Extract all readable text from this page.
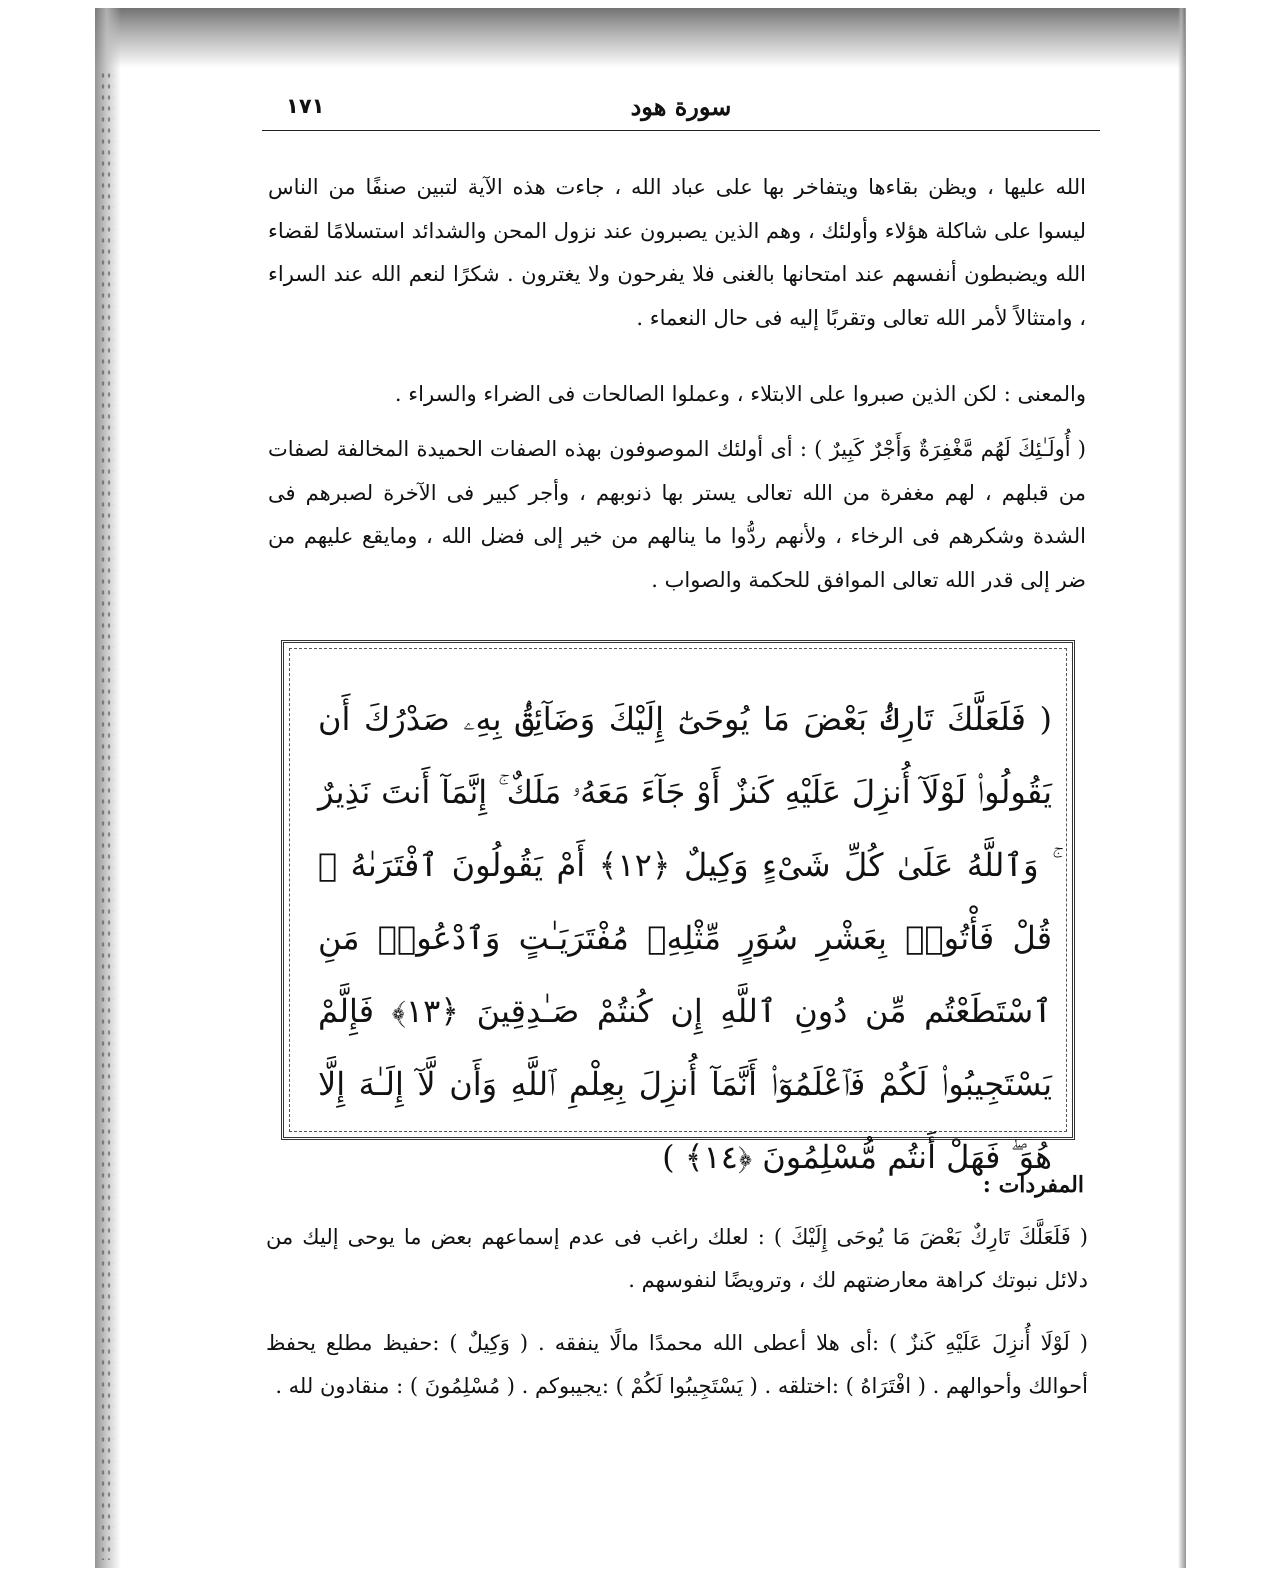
١٧١	سورة هود

الله عليها ، ويظن بقاءها ويتفاخر بها على عباد الله ، جاءت هذه الآية لتبين صنفًا من الناس ليسوا على شاكلة هؤلاء وأولئك ، وهم الذين يصبرون عند نزول المحن والشدائد استسلامًا لقضاء الله ويضبطون أنفسهم عند امتحانها بالغنى فلا يفرحون ولا يغترون . شكرًا لنعم الله عند السراء ، وامتثالاً لأمر الله تعالى وتقربًا إليه فى حال النعماء .

والمعنى : لكن الذين صبروا على الابتلاء ، وعملوا الصالحات فى الضراء والسراء .

( أُولَـٰئِكَ لَهُم مَّغْفِرَةٌ وَأَجْرٌ كَبِيرٌ ) : أى أولئك الموصوفون بهذه الصفات الحميدة المخالفة لصفات من قبلهم ، لهم مغفرة من الله تعالى يستر بها ذنوبهم ، وأجر كبير فى الآخرة لصبرهم فى الشدة وشكرهم فى الرخاء ، ولأنهم ردُّوا ما ينالهم من خير إلى فضل الله ، ومايقع عليهم من ضر إلى قدر الله تعالى الموافق للحكمة والصواب .

( فَلَعَلَّكَ تَارِكُۢ بَعْضَ مَا يُوحَىٰٓ إِلَيْكَ وَضَآئِقُۢ بِهِۦ صَدْرُكَ أَن يَقُولُوا۟ لَوْلَآ أُنزِلَ عَلَيْهِ كَنزٌ أَوْ جَآءَ مَعَهُۥ مَلَكٌ ۚ إِنَّمَآ أَنتَ نَذِيرٌ ۚ وَٱللَّهُ عَلَىٰ كُلِّ شَىْءٍ وَكِيلٌ ﴿١٢﴾ أَمْ يَقُولُونَ ٱفْتَرَىٰهُ ۖ قُلْ فَأْتُوا۟ بِعَشْرِ سُوَرٍ مِّثْلِهِۦ مُفْتَرَيَـٰتٍ وَٱدْعُوا۟ مَنِ ٱسْتَطَعْتُم مِّن دُونِ ٱللَّهِ إِن كُنتُمْ صَـٰدِقِينَ ﴿١٣﴾ فَإِلَّمْ يَسْتَجِيبُوا۟ لَكُمْ فَٱعْلَمُوٓا۟ أَنَّمَآ أُنزِلَ بِعِلْمِ ٱللَّهِ وَأَن لَّآ إِلَـٰهَ إِلَّا هُوَ ۖ فَهَلْ أَنتُم مُّسْلِمُونَ ﴿١٤﴾ )

المفردات :

( فَلَعَلَّكَ تَارِكٌ بَعْضَ مَا يُوحَى إِلَيْكَ ) : لعلك راغب فى عدم إسماعهم بعض ما يوحى إليك من دلائل نبوتك كراهة معارضتهم لك ، وترويضًا لنفوسهم .

( لَوْلَا أُنزِلَ عَلَيْهِ كَنزٌ ) :أى هلا أعطى الله محمدًا مالًا ينفقه . ( وَكِيلٌ ) :حفيظ مطلع يحفظ أحوالك وأحوالهم . ( افْتَرَاهُ ) :اختلقه . ( يَسْتَجِيبُوا لَكُمْ ) :يجيبوكم . ( مُسْلِمُونَ ) : منقادون لله .
